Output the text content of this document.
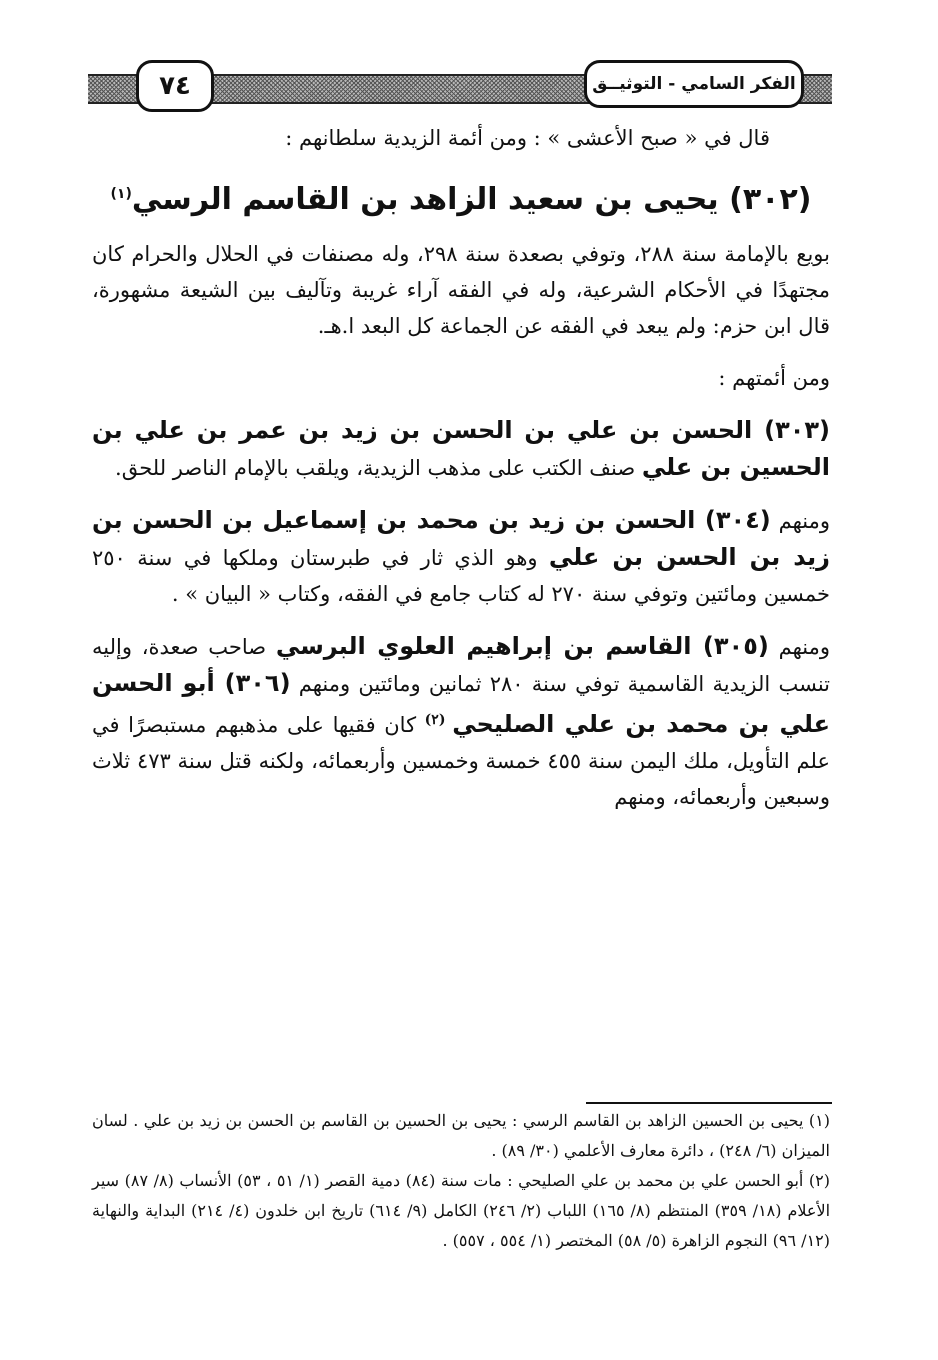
٧٤	الفكر السامي - التوثيــق

قال في « صبح الأعشى » : ومن أئمة الزيدية سلطانهم :

(٣٠٢) يحيى بن سعيد الزاهد بن القاسم الرسي$^{(١)}$

بويع بالإمامة سنة ٢٨٨، وتوفي بصعدة سنة ٢٩٨، وله مصنفات في الحلال والحرام كان مجتهدًا في الأحكام الشرعية، وله في الفقه آراء غريبة وتآليف بين الشيعة مشهورة، قال ابن حزم: ولم يبعد في الفقه عن الجماعة كل البعد ا.هـ.

ومن أئمتهم :

(٣٠٣) الحسن بن علي بن الحسن بن زيد بن عمر بن علي بن الحسين بن علي صنف الكتب على مذهب الزيدية، ويلقب بالإمام الناصر للحق.

ومنهم (٣٠٤) الحسن بن زيد بن محمد بن إسماعيل بن الحسن بن زيد بن الحسن بن علي وهو الذي ثار في طبرستان وملكها في سنة ٢٥٠ خمسين ومائتين وتوفي سنة ٢٧٠ له كتاب جامع في الفقه، وكتاب « البيان » .

ومنهم (٣٠٥) القاسم بن إبراهيم العلوي البرسي صاحب صعدة، وإليه تنسب الزيدية القاسمية توفي سنة ٢٨٠ ثمانين ومائتين ومنهم (٣٠٦) أبو الحسن علي بن محمد بن علي الصليحي $^{(٢)}$ كان فقيها على مذهبهم مستبصرًا في علم التأويل، ملك اليمن سنة ٤٥٥ خمسة وخمسين وأربعمائه، ولكنه قتل سنة ٤٧٣ ثلاث وسبعين وأربعمائه، ومنهم

(١) يحيى بن الحسين الزاهد بن القاسم الرسي : يحيى بن الحسين بن القاسم بن الحسن بن زيد بن علي . لسان الميزان (٦/ ٢٤٨) ، دائرة معارف الأعلمي (٣٠/ ٨٩) .

(٢) أبو الحسن علي بن محمد بن علي الصليحي : مات سنة (٨٤) دمية القصر (١/ ٥١ ، ٥٣) الأنساب (٨/ ٨٧) سير الأعلام (١٨/ ٣٥٩) المنتظم (٨/ ١٦٥) اللباب (٢/ ٢٤٦) الكامل (٩/ ٦١٤) تاريخ ابن خلدون (٤/ ٢١٤) البداية والنهاية (١٢/ ٩٦) النجوم الزاهرة (٥/ ٥٨) المختصر (١/ ٥٥٤ ، ٥٥٧) .
